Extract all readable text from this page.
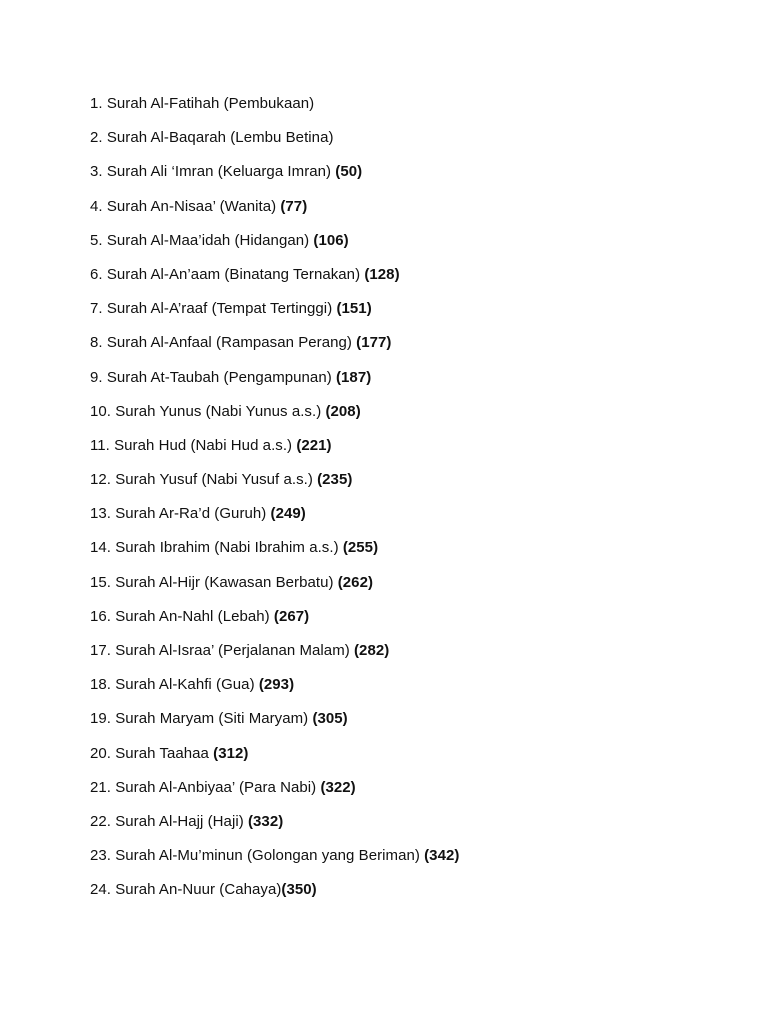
1. Surah Al-Fatihah (Pembukaan)
2. Surah Al-Baqarah (Lembu Betina)
3. Surah Ali ‘Imran (Keluarga Imran) (50)
4. Surah An-Nisaa’ (Wanita) (77)
5. Surah Al-Maa’idah (Hidangan) (106)
6. Surah Al-An’aam (Binatang Ternakan) (128)
7. Surah Al-A’raaf (Tempat Tertinggi) (151)
8. Surah Al-Anfaal (Rampasan Perang) (177)
9. Surah At-Taubah (Pengampunan) (187)
10. Surah Yunus (Nabi Yunus a.s.) (208)
11. Surah Hud (Nabi Hud a.s.) (221)
12. Surah Yusuf (Nabi Yusuf a.s.) (235)
13. Surah Ar-Ra’d (Guruh) (249)
14. Surah Ibrahim (Nabi Ibrahim a.s.) (255)
15. Surah Al-Hijr (Kawasan Berbatu) (262)
16. Surah An-Nahl (Lebah) (267)
17. Surah Al-Israa’ (Perjalanan Malam) (282)
18. Surah Al-Kahfi (Gua) (293)
19. Surah Maryam (Siti Maryam) (305)
20. Surah Taahaa (312)
21. Surah Al-Anbiyaa’ (Para Nabi) (322)
22. Surah Al-Hajj (Haji) (332)
23. Surah Al-Mu’minun (Golongan yang Beriman) (342)
24. Surah An-Nuur (Cahaya)(350)
